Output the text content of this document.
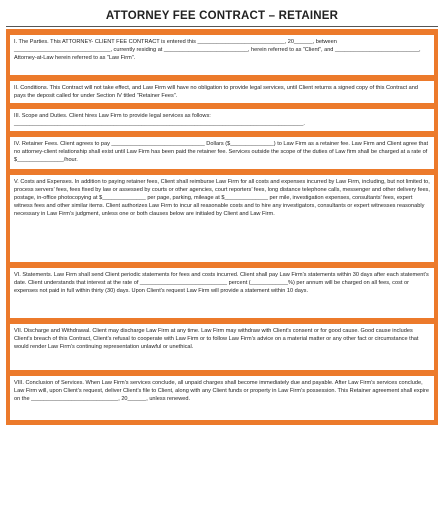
ATTORNEY FEE CONTRACT – RETAINER
I. The Parties. This ATTORNEY- CLIENT FEE CONTRACT is entered this ____________________________, 20______, between _______________________________, currently residing at ___________________________, herein referred to as “Client”, and ___________________________, Attorney-at-Law herein referred to as “Law Firm”.
II. Conditions. This Contract will not take effect, and Law Firm will have no obligation to provide legal services, until Client returns a signed copy of this Contract and pays the deposit called for under Section IV titled “Retainer Fees”.
III. Scope and Duties. Client hires Law Firm to provide legal services as follows: _____________________________________________________________________________________________.
IV. Retainer Fees. Client agrees to pay ______________________________ Dollars ($______________) to Law Firm as a retainer fee. Law Firm and Client agree that no attorney-client relationship shall exist until Law Firm has been paid the retainer fee. Services outside the scope of the duties of Law firm shall be charged at a rate of $_______________/hour.
V. Costs and Expenses. In addition to paying retainer fees, Client shall reimburse Law Firm for all costs and expenses incurred by Law Firm, including, but not limited to, process servers’ fees, fees fixed by law or assessed by courts or other agencies, court reporters’ fees, long distance telephone calls, messenger and other delivery fees, postage, in-office photocopying at $______________ per page, parking, mileage at $______________ per mile, investigation expenses, consultants’ fees, expert witness fees and other similar items. Client authorizes Law Firm to incur all reasonable costs and to hire any investigators, consultants or expert witnesses reasonably necessary in Law Firm’s judgment, unless one or both clauses below are initialed by Client and Law Firm.
VI. Statements. Law Firm shall send Client periodic statements for fees and costs incurred. Client shall pay Law Firm’s statements within 30 days after each statement’s date. Client understands that interest at the rate of ____________________________ percent (____________%) per annum will be charged on all fees, cost or expenses not paid in full within thirty (30) days. Upon Client’s request Law Firm will provide a statement within 10 days.
VII. Discharge and Withdrawal. Client may discharge Law Firm at any time. Law Firm may withdraw with Client’s consent or for good cause. Good cause includes Client’s breach of this Contract, Client’s refusal to cooperate with Law Firm or to follow Law Firm’s advice on a material matter or any other fact or circumstance that would render Law Firm’s continuing representation unlawful or unethical.
VIII. Conclusion of Services. When Law Firm’s services conclude, all unpaid charges shall become immediately due and payable. After Law Firm’s services conclude, Law Firm will, upon Client’s request, deliver Client’s file to Client, along with any Client funds or property in Law Firm’s possession. This Retainer agreement shall expire on the ____________________________, 20______, unless renewed.
